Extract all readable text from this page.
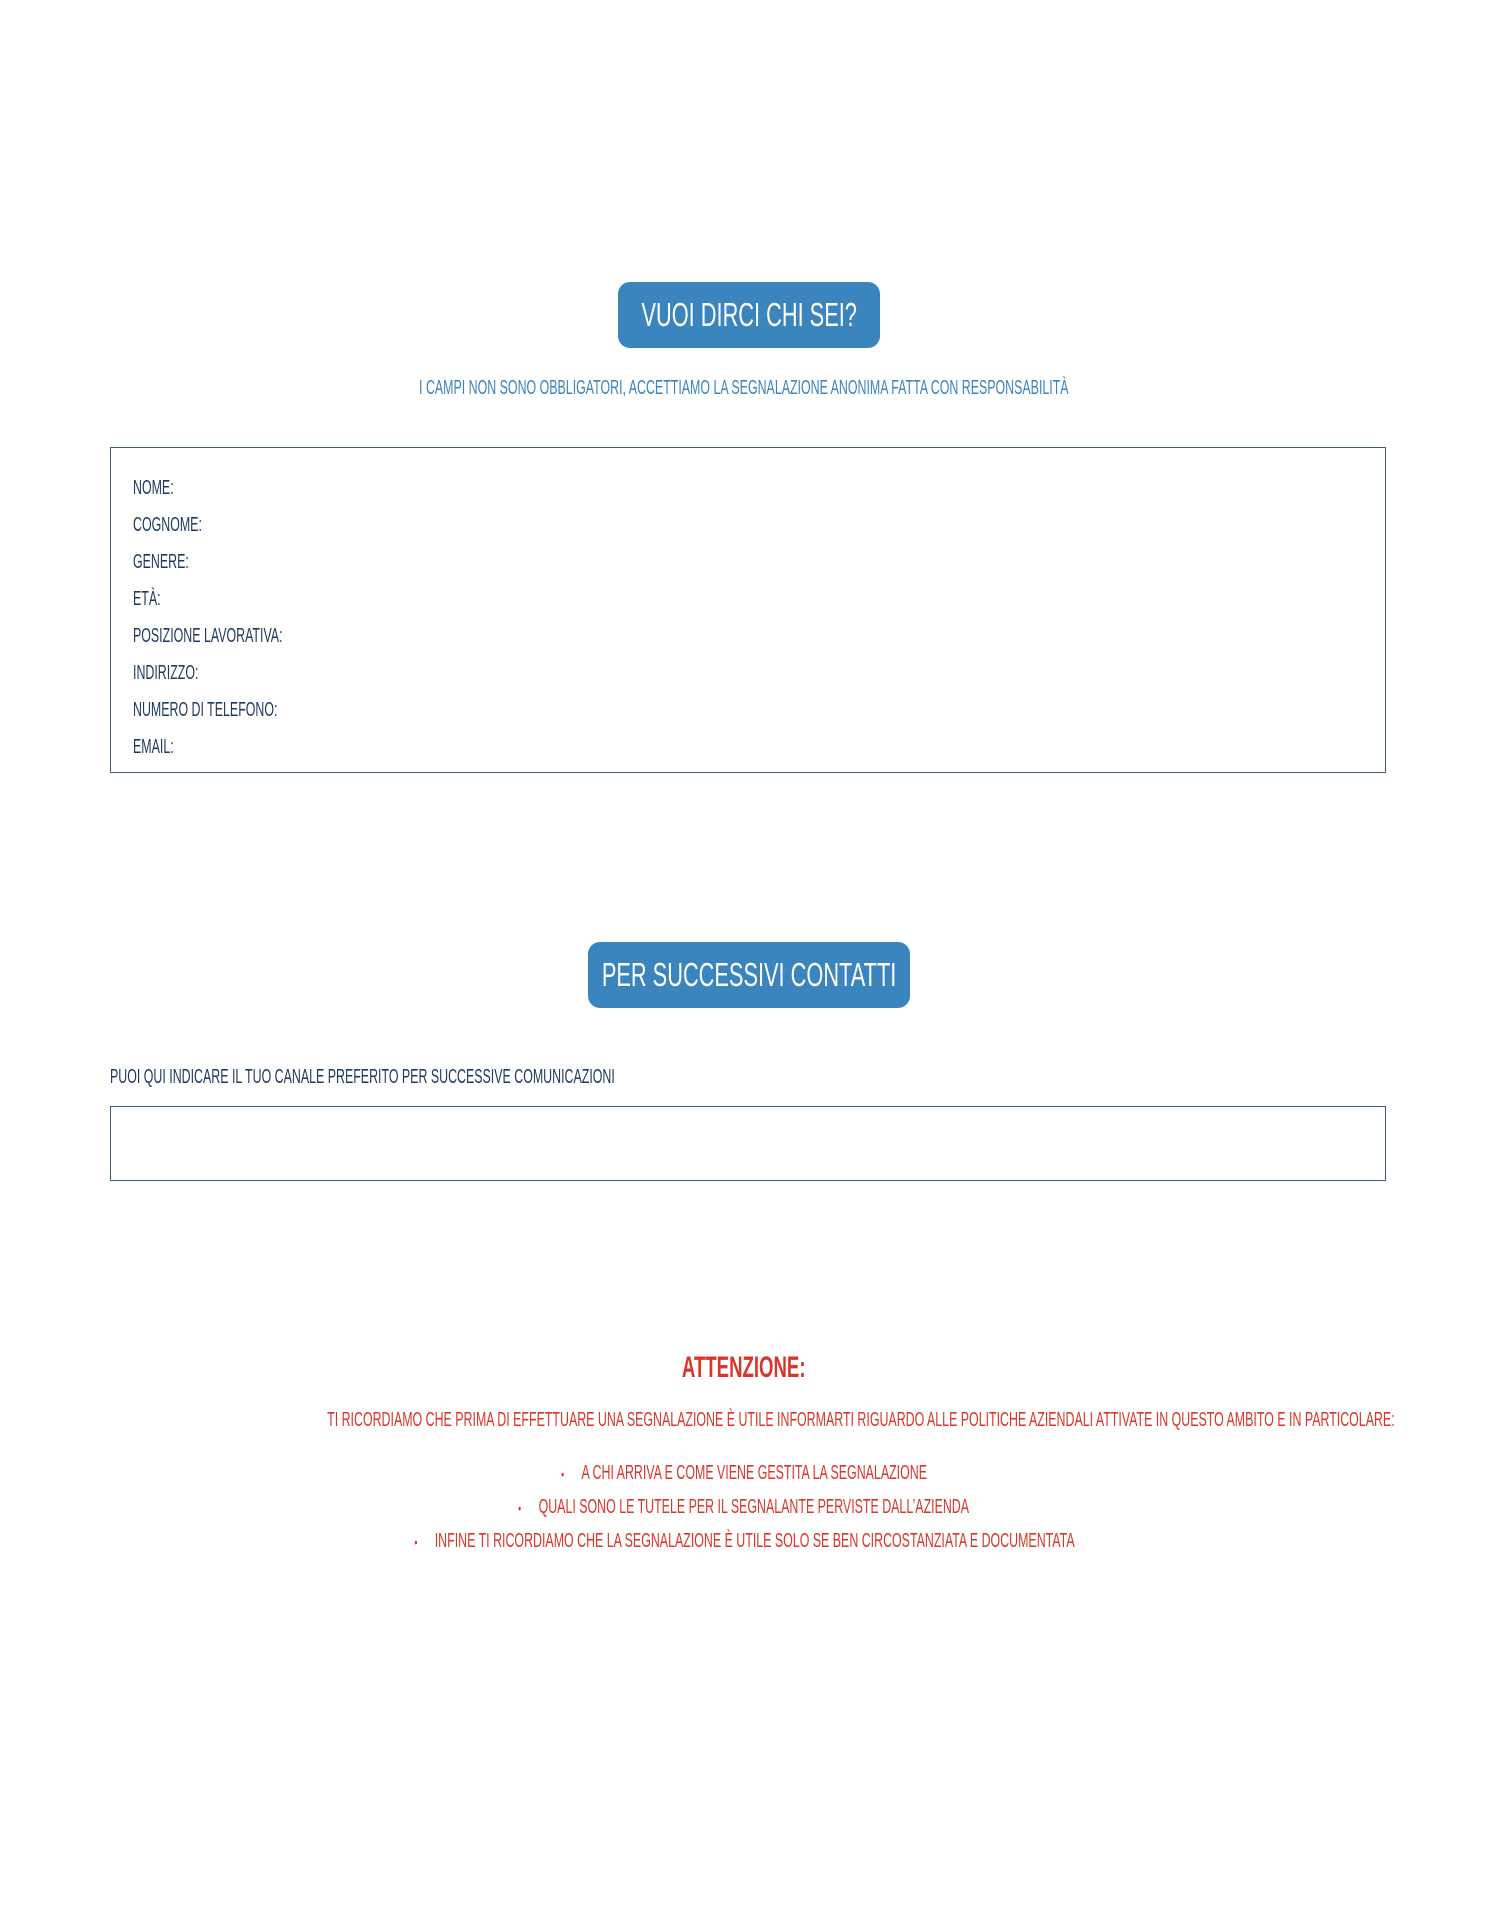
VUOI DIRCI CHI SEI?
I CAMPI NON SONO OBBLIGATORI, ACCETTIAMO LA SEGNALAZIONE ANONIMA FATTA CON RESPONSABILITÀ
NOME:
COGNOME:
GENERE:
ETÀ:
POSIZIONE LAVORATIVA:
INDIRIZZO:
NUMERO DI TELEFONO:
EMAIL:
PER SUCCESSIVI CONTATTI
PUOI QUI INDICARE IL TUO CANALE PREFERITO PER SUCCESSIVE COMUNICAZIONI
ATTENZIONE:
TI RICORDIAMO CHE PRIMA DI EFFETTUARE UNA SEGNALAZIONE È UTILE INFORMARTI RIGUARDO ALLE POLITICHE AZIENDALI ATTIVATE IN QUESTO AMBITO E IN PARTICOLARE:
• A CHI ARRIVA E COME VIENE GESTITA LA SEGNALAZIONE
• QUALI SONO LE TUTELE PER IL SEGNALANTE PERVISTE DALL’AZIENDA
• INFINE TI RICORDIAMO CHE LA SEGNALAZIONE È UTILE SOLO SE BEN CIRCOSTANZIATA E DOCUMENTATA
